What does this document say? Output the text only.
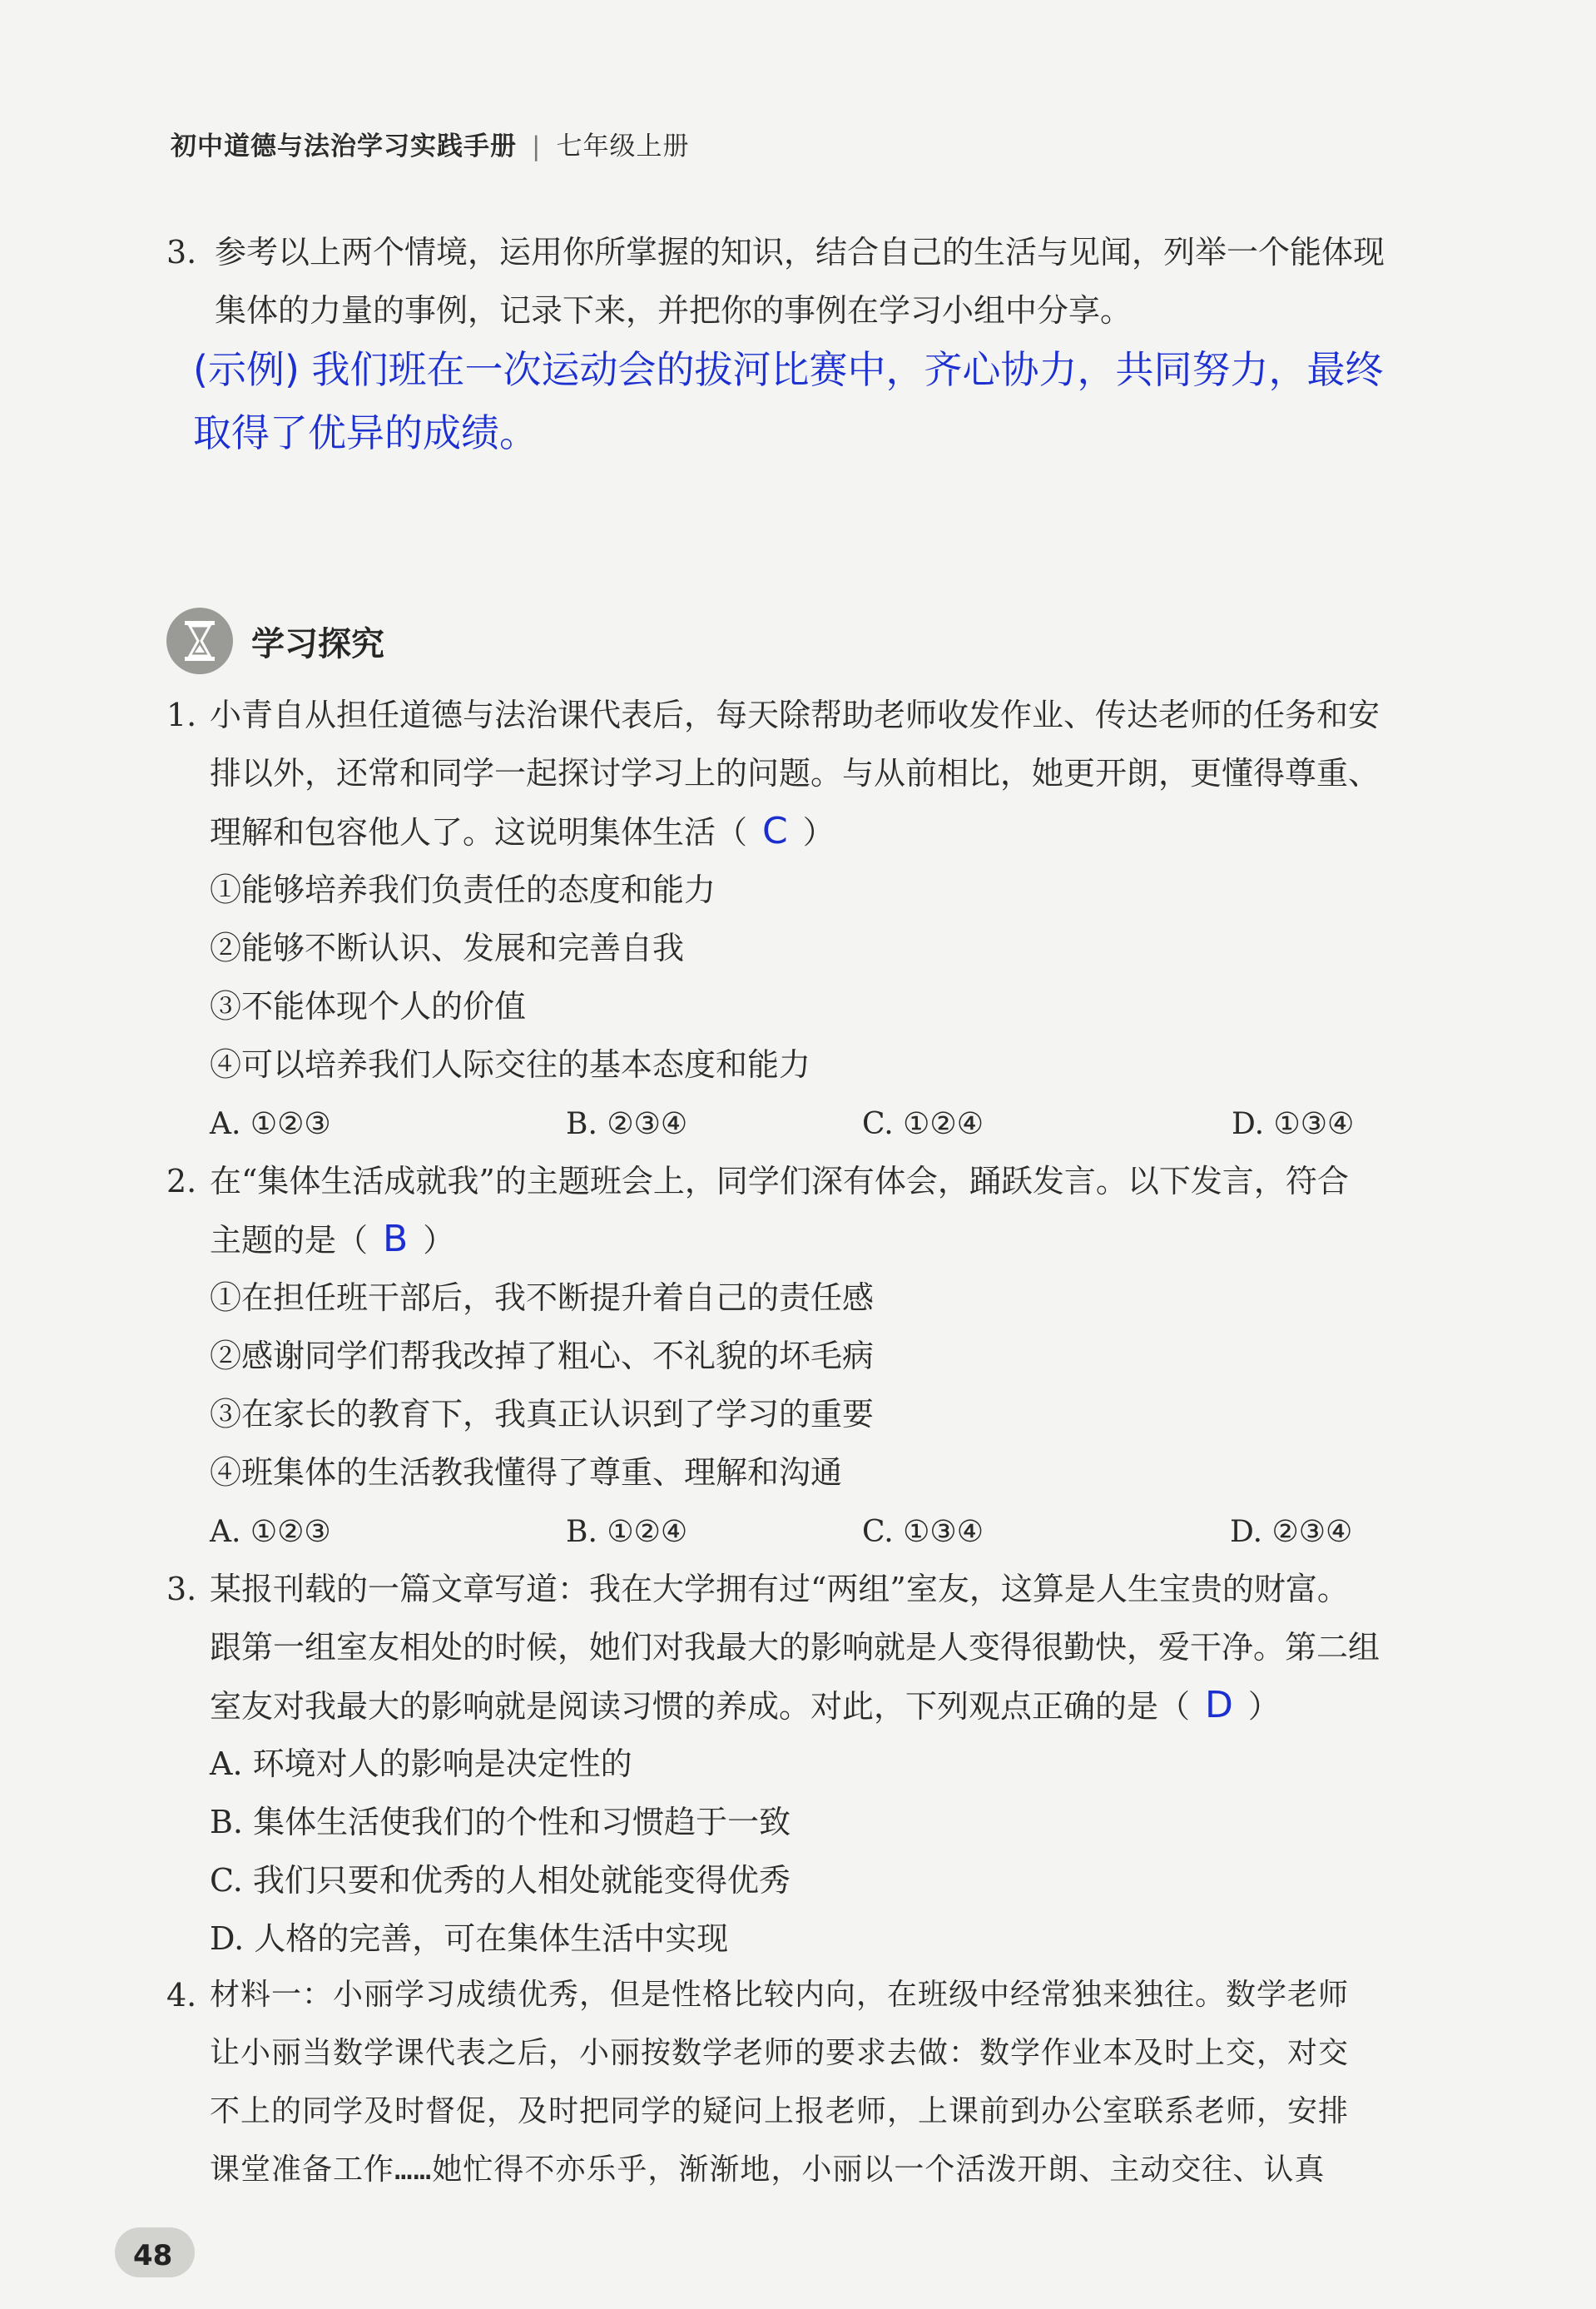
初中道德与法治学习实践手册 | 七年级上册
3. 参考以上两个情境，运用你所掌握的知识，结合自己的生活与见闻，列举一个能体现
集体的力量的事例，记录下来，并把你的事例在学习小组中分享。
(示例) 我们班在一次运动会的拔河比赛中，齐心协力，共同努力，最终
取得了优异的成绩。
学习探究
1. 小青自从担任道德与法治课代表后，每天除帮助老师收发作业、传达老师的任务和安
排以外，还常和同学一起探讨学习上的问题。与从前相比，她更开朗，更懂得尊重、
理解和包容他人了。这说明集体生活（ C ）
①能够培养我们负责任的态度和能力
②能够不断认识、发展和完善自我
③不能体现个人的价值
④可以培养我们人际交往的基本态度和能力
A. ①②③	B. ②③④	C. ①②④	D. ①③④
2. 在“集体生活成就我”的主题班会上，同学们深有体会，踊跃发言。以下发言，符合
主题的是（ B ）
①在担任班干部后，我不断提升着自己的责任感
②感谢同学们帮我改掉了粗心、不礼貌的坏毛病
③在家长的教育下，我真正认识到了学习的重要
④班集体的生活教我懂得了尊重、理解和沟通
A. ①②③	B. ①②④	C. ①③④	D. ②③④
3. 某报刊载的一篇文章写道：我在大学拥有过“两组”室友，这算是人生宝贵的财富。
跟第一组室友相处的时候，她们对我最大的影响就是人变得很勤快，爱干净。第二组
室友对我最大的影响就是阅读习惯的养成。对此，下列观点正确的是（ D ）
A. 环境对人的影响是决定性的
B. 集体生活使我们的个性和习惯趋于一致
C. 我们只要和优秀的人相处就能变得优秀
D. 人格的完善，可在集体生活中实现
4. 材料一：小丽学习成绩优秀，但是性格比较内向，在班级中经常独来独往。数学老师
让小丽当数学课代表之后，小丽按数学老师的要求去做：数学作业本及时上交，对交
不上的同学及时督促，及时把同学的疑问上报老师，上课前到办公室联系老师，安排
课堂准备工作……她忙得不亦乐乎，渐渐地，小丽以一个活泼开朗、主动交往、认真
48
